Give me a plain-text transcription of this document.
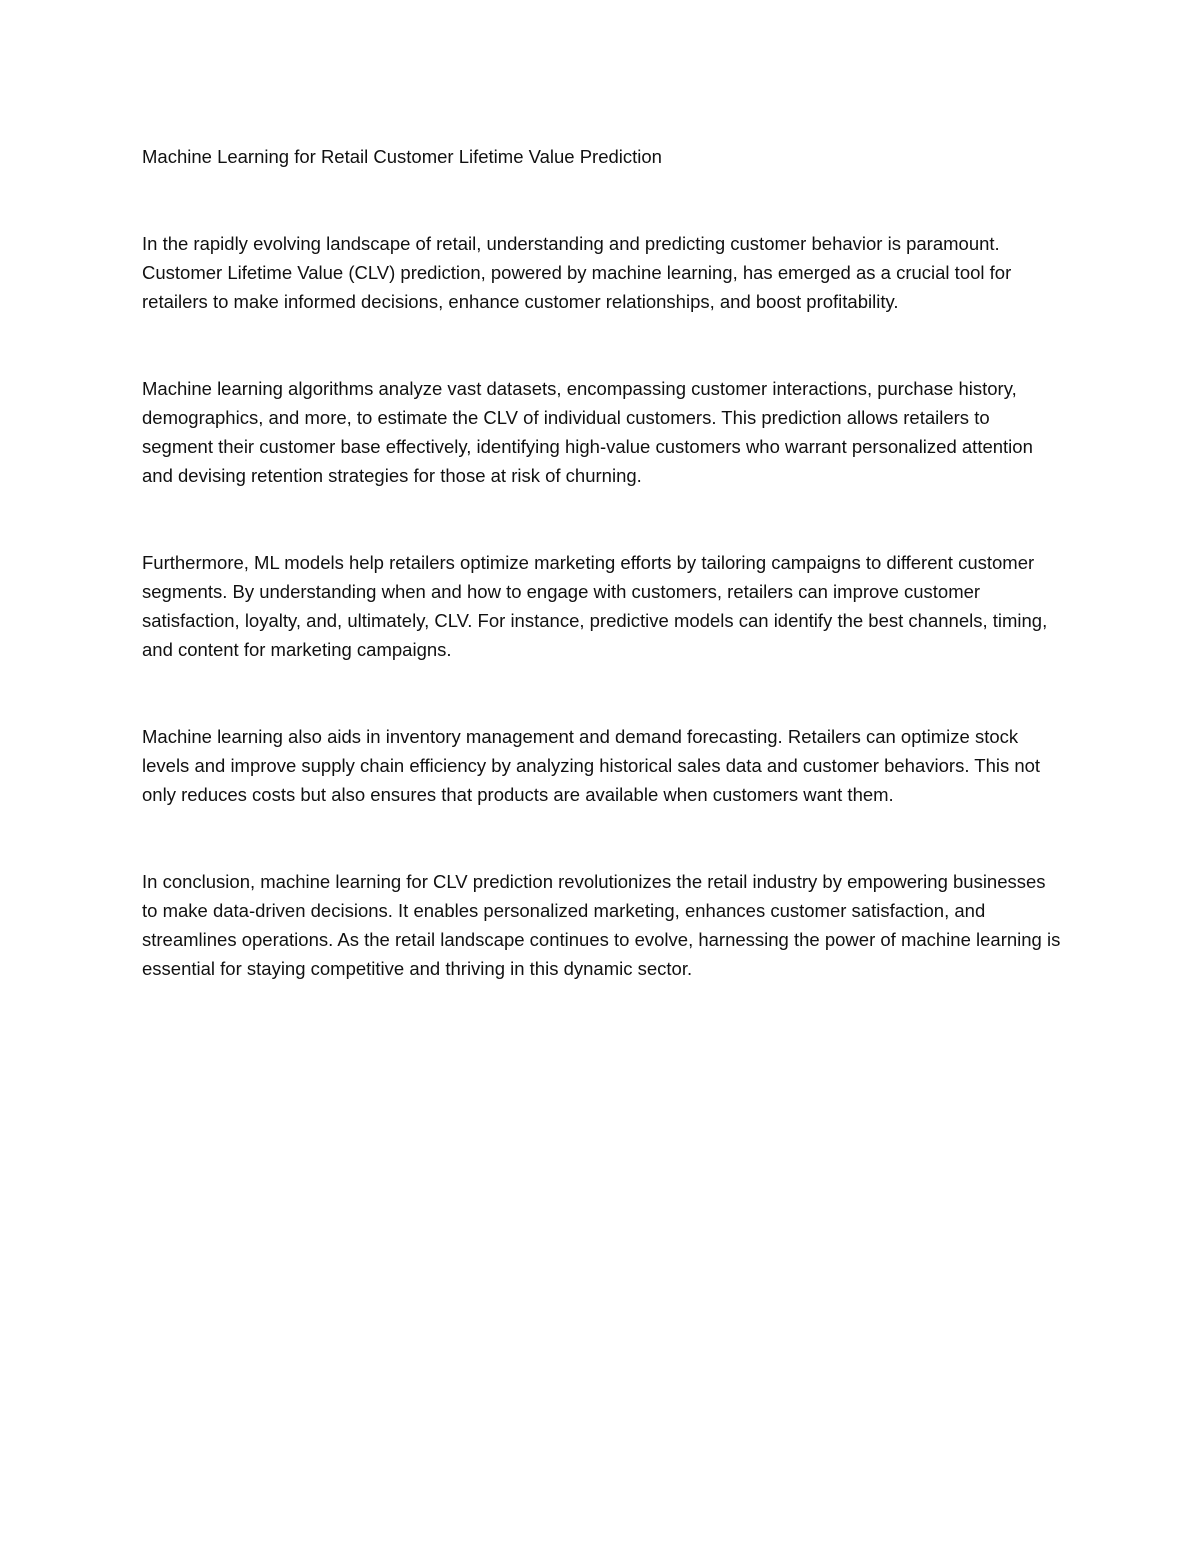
Machine Learning for Retail Customer Lifetime Value Prediction

In the rapidly evolving landscape of retail, understanding and predicting customer behavior is paramount. Customer Lifetime Value (CLV) prediction, powered by machine learning, has emerged as a crucial tool for retailers to make informed decisions, enhance customer relationships, and boost profitability.

Machine learning algorithms analyze vast datasets, encompassing customer interactions, purchase history, demographics, and more, to estimate the CLV of individual customers. This prediction allows retailers to segment their customer base effectively, identifying high-value customers who warrant personalized attention and devising retention strategies for those at risk of churning.

Furthermore, ML models help retailers optimize marketing efforts by tailoring campaigns to different customer segments. By understanding when and how to engage with customers, retailers can improve customer satisfaction, loyalty, and, ultimately, CLV. For instance, predictive models can identify the best channels, timing, and content for marketing campaigns.

Machine learning also aids in inventory management and demand forecasting. Retailers can optimize stock levels and improve supply chain efficiency by analyzing historical sales data and customer behaviors. This not only reduces costs but also ensures that products are available when customers want them.

In conclusion, machine learning for CLV prediction revolutionizes the retail industry by empowering businesses to make data-driven decisions. It enables personalized marketing, enhances customer satisfaction, and streamlines operations. As the retail landscape continues to evolve, harnessing the power of machine learning is essential for staying competitive and thriving in this dynamic sector.
